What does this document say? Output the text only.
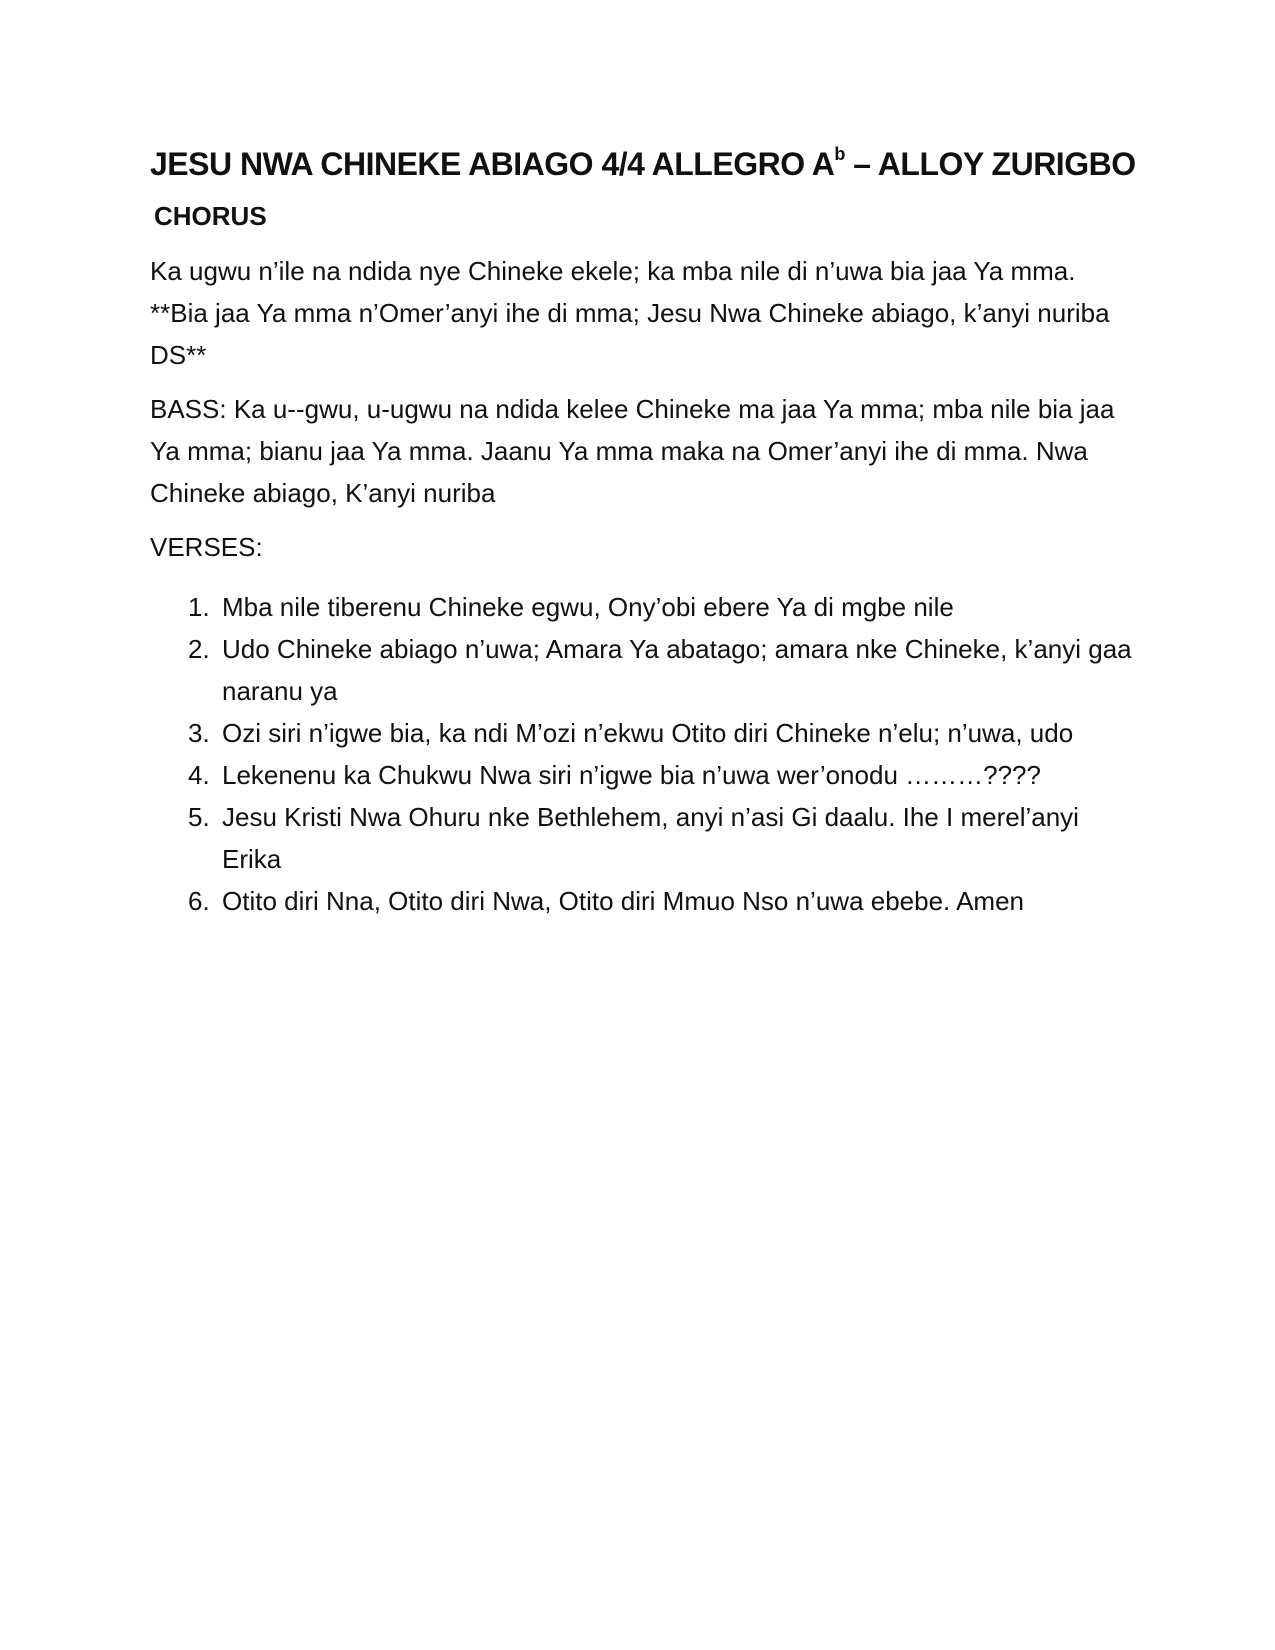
JESU NWA CHINEKE ABIAGO 4/4 ALLEGRO $A^b$ – ALLOY ZURIGBO
CHORUS

Ka ugwu n’ile na ndida nye Chineke ekele; ka mba nile di n’uwa bia jaa Ya mma. **Bia jaa Ya mma n’Omer’anyi ihe di mma; Jesu Nwa Chineke abiago, k’anyi nuriba DS**

BASS: Ka u--gwu, u-ugwu na ndida kelee Chineke ma jaa Ya mma; mba nile bia jaa Ya mma; bianu jaa Ya mma. Jaanu Ya mma maka na Omer’anyi ihe di mma. Nwa Chineke abiago, K’anyi nuriba

VERSES:
1. Mba nile tiberenu Chineke egwu, Ony’obi ebere Ya di mgbe nile
2. Udo Chineke abiago n’uwa; Amara Ya abatago; amara nke Chineke, k’anyi gaa naranu ya
3. Ozi siri n’igwe bia, ka ndi M’ozi n’ekwu Otito diri Chineke n’elu; n’uwa, udo
4. Lekenenu ka Chukwu Nwa siri n’igwe bia n’uwa wer’onodu ………????
5. Jesu Kristi Nwa Ohuru nke Bethlehem, anyi n’asi Gi daalu. Ihe I merel’anyi Erika
6. Otito diri Nna, Otito diri Nwa, Otito diri Mmuo Nso n’uwa ebebe. Amen
